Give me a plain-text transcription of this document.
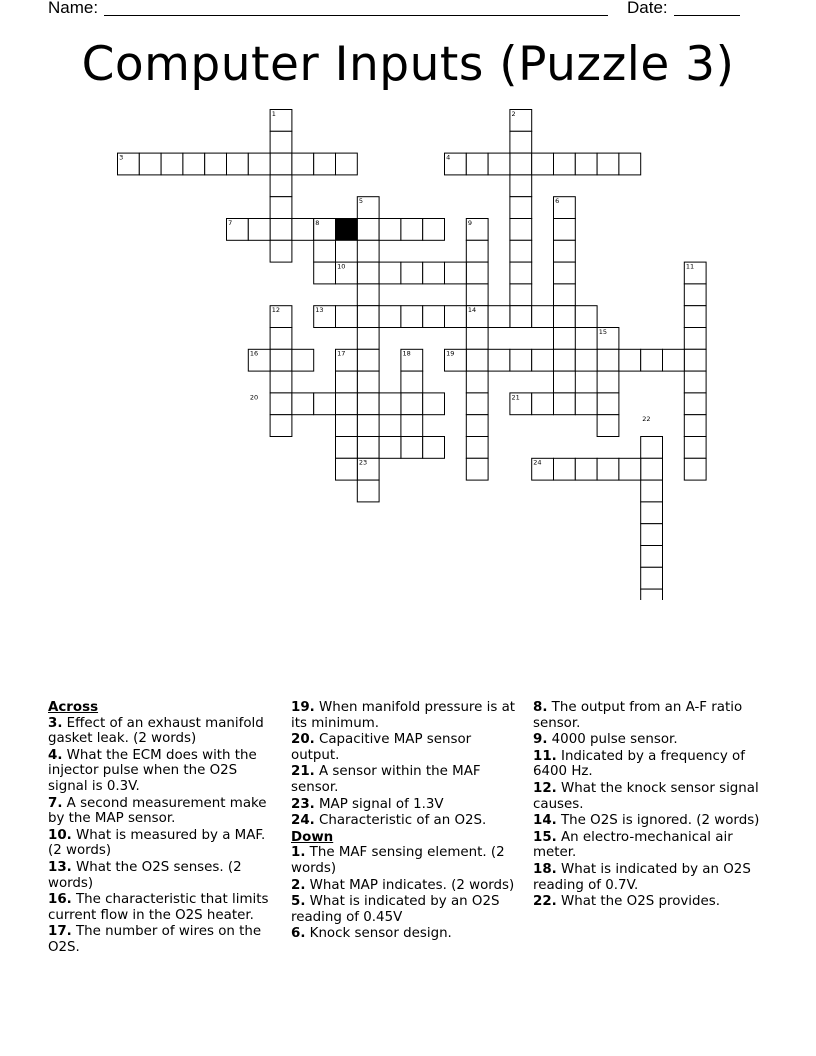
Name:	Date:
Computer Inputs (Puzzle 3)
1	2
3	4
5	6
7	8	9
10	11
12	13	14
15
16	17	18	19
20	21
22
23	24
Across
3. Effect of an exhaust manifold gasket leak. (2 words)
4. What the ECM does with the injector pulse when the O2S signal is 0.3V.
7. A second measurement make by the MAP sensor.
10. What is measured by a MAF. (2 words)
13. What the O2S senses. (2 words)
16. The characteristic that limits current flow in the O2S heater.
17. The number of wires on the O2S.
19. When manifold pressure is at its minimum.
20. Capacitive MAP sensor output.
21. A sensor within the MAF sensor.
23. MAP signal of 1.3V
24. Characteristic of an O2S.
Down
1. The MAF sensing element. (2 words)
2. What MAP indicates. (2 words)
5. What is indicated by an O2S reading of 0.45V
6. Knock sensor design.
8. The output from an A-F ratio sensor.
9. 4000 pulse sensor.
11. Indicated by a frequency of 6400 Hz.
12. What the knock sensor signal causes.
14. The O2S is ignored. (2 words)
15. An electro-mechanical air meter.
18. What is indicated by an O2S reading of 0.7V.
22. What the O2S provides.
